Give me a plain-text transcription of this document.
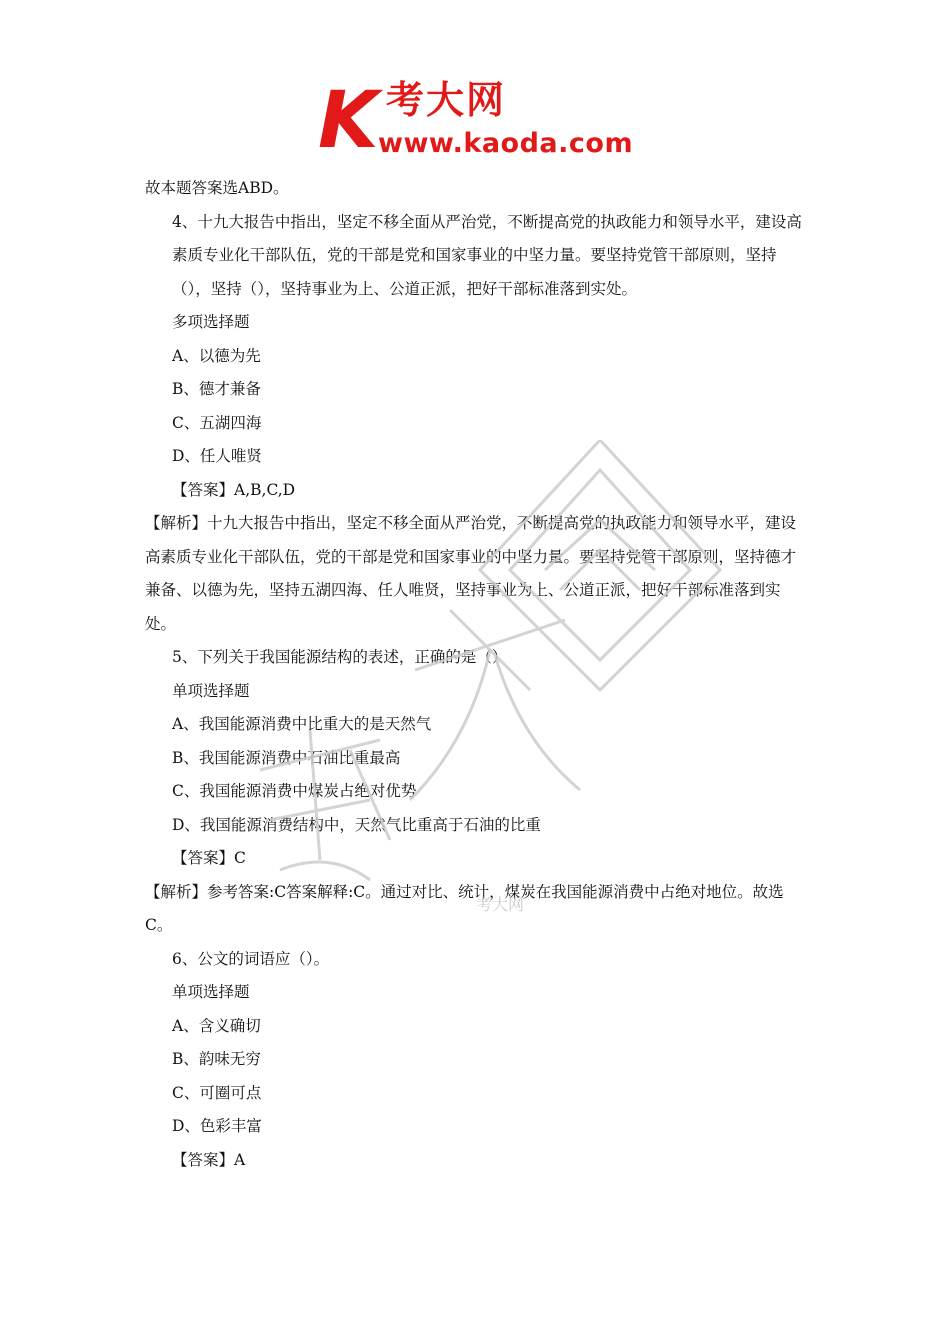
K 考大网
www.kaoda.com

故本题答案选ABD。

4、十九大报告中指出，坚定不移全面从严治党，不断提高党的执政能力和领导水平，建设高素质专业化干部队伍，党的干部是党和国家事业的中坚力量。要坚持党管干部原则，坚持（），坚持（），坚持事业为上、公道正派，把好干部标准落到实处。

多项选择题

A、以德为先

B、德才兼备

C、五湖四海

D、任人唯贤

【答案】A,B,C,D

【解析】十九大报告中指出，坚定不移全面从严治党，不断提高党的执政能力和领导水平，建设高素质专业化干部队伍，党的干部是党和国家事业的中坚力量。要坚持党管干部原则，坚持德才兼备、以德为先，坚持五湖四海、任人唯贤，坚持事业为上、公道正派，把好干部标准落到实处。

5、下列关于我国能源结构的表述，正确的是（）

单项选择题

A、我国能源消费中比重大的是天然气

B、我国能源消费中石油比重最高

C、我国能源消费中煤炭占绝对优势

D、我国能源消费结构中，天然气比重高于石油的比重

【答案】C

【解析】参考答案:C答案解释:C。通过对比、统计，煤炭在我国能源消费中占绝对地位。故选C。

6、公文的词语应（）。

单项选择题

A、含义确切

B、韵味无穷

C、可圈可点

D、色彩丰富

【答案】A

考大网
